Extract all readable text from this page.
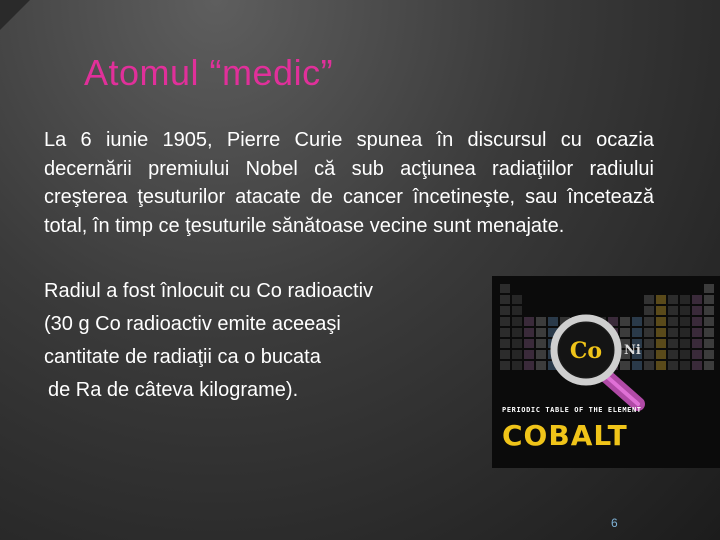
Atomul “medic”

La 6 iunie 1905, Pierre Curie spunea în discursul cu ocazia decernării premiului Nobel că sub acţiunea radiaţiilor radiului creşterea ţesuturilor atacate de cancer încetineşte, sau încetează total, în timp ce ţesuturile sănătoase vecine sunt menajate.

Radiul a fost înlocuit cu Co radioactiv

(30 g Co radioactiv emite aceeaşi

cantitate de radiaţii ca o bucata

de Ra de câteva kilograme).

Co Ni
PERIODIC TABLE OF THE ELEMENT
COBALT
6
